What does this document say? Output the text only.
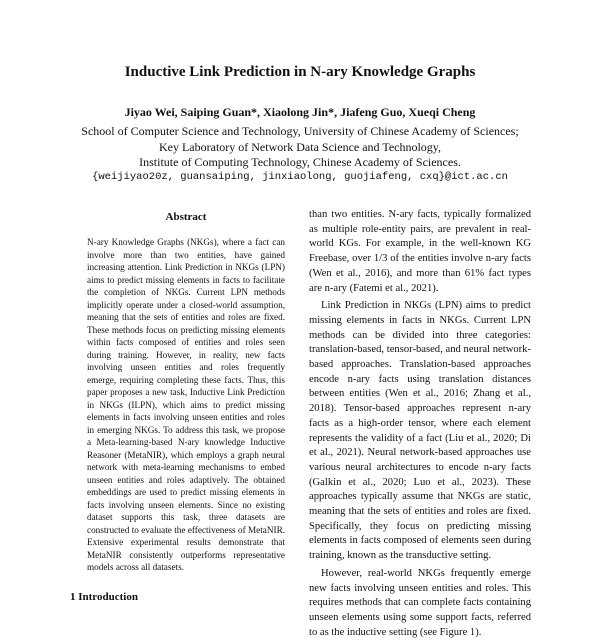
Inductive Link Prediction in N-ary Knowledge Graphs
Jiyao Wei, Saiping Guan*, Xiaolong Jin*, Jiafeng Guo, Xueqi Cheng
School of Computer Science and Technology, University of Chinese Academy of Sciences;
Key Laboratory of Network Data Science and Technology,
Institute of Computing Technology, Chinese Academy of Sciences.
{weijiyao20z, guansaiping, jinxiaolong, guojiafeng, cxq}@ict.ac.cn
Abstract
N-ary Knowledge Graphs (NKGs), where a fact can involve more than two entities, have gained increasing attention. Link Prediction in NKGs (LPN) aims to predict missing elements in facts to facilitate the completion of NKGs. Current LPN methods implicitly operate under a closed-world assumption, meaning that the sets of entities and roles are fixed. These methods focus on predicting missing elements within facts composed of entities and roles seen during training. However, in reality, new facts involving unseen entities and roles frequently emerge, requiring completing these facts. Thus, this paper proposes a new task, Inductive Link Prediction in NKGs (ILPN), which aims to predict missing elements in facts involving unseen entities and roles in emerging NKGs. To address this task, we propose a Meta-learning-based N-ary knowledge Inductive Reasoner (MetaNIR), which employs a graph neural network with meta-learning mechanisms to embed unseen entities and roles adaptively. The obtained embeddings are used to predict missing elements in facts involving unseen elements. Since no existing dataset supports this task, three datasets are constructed to evaluate the effectiveness of MetaNIR. Extensive experimental results demonstrate that MetaNIR consistently outperforms representative models across all datasets.
1 Introduction

than two entities. N-ary facts, typically formalized as multiple role-entity pairs, are prevalent in real-world KGs. For example, in the well-known KG Freebase, over 1/3 of the entities involve n-ary facts (Wen et al., 2016), and more than 61% fact types are n-ary (Fatemi et al., 2021).

Link Prediction in NKGs (LPN) aims to predict missing elements in facts in NKGs. Current LPN methods can be divided into three categories: translation-based, tensor-based, and neural network-based approaches. Translation-based approaches encode n-ary facts using translation distances between entities (Wen et al., 2016; Zhang et al., 2018). Tensor-based approaches represent n-ary facts as a high-order tensor, where each element represents the validity of a fact (Liu et al., 2020; Di et al., 2021). Neural network-based approaches use various neural architectures to encode n-ary facts (Galkin et al., 2020; Luo et al., 2023). These approaches typically assume that NKGs are static, meaning that the sets of entities and roles are fixed. Specifically, they focus on predicting missing elements in facts composed of elements seen during training, known as the transductive setting.

However, real-world NKGs frequently emerge new facts involving unseen entities and roles. This requires methods that can complete facts containing unseen elements using some support facts, referred to as the inductive setting (see Figure 1).
